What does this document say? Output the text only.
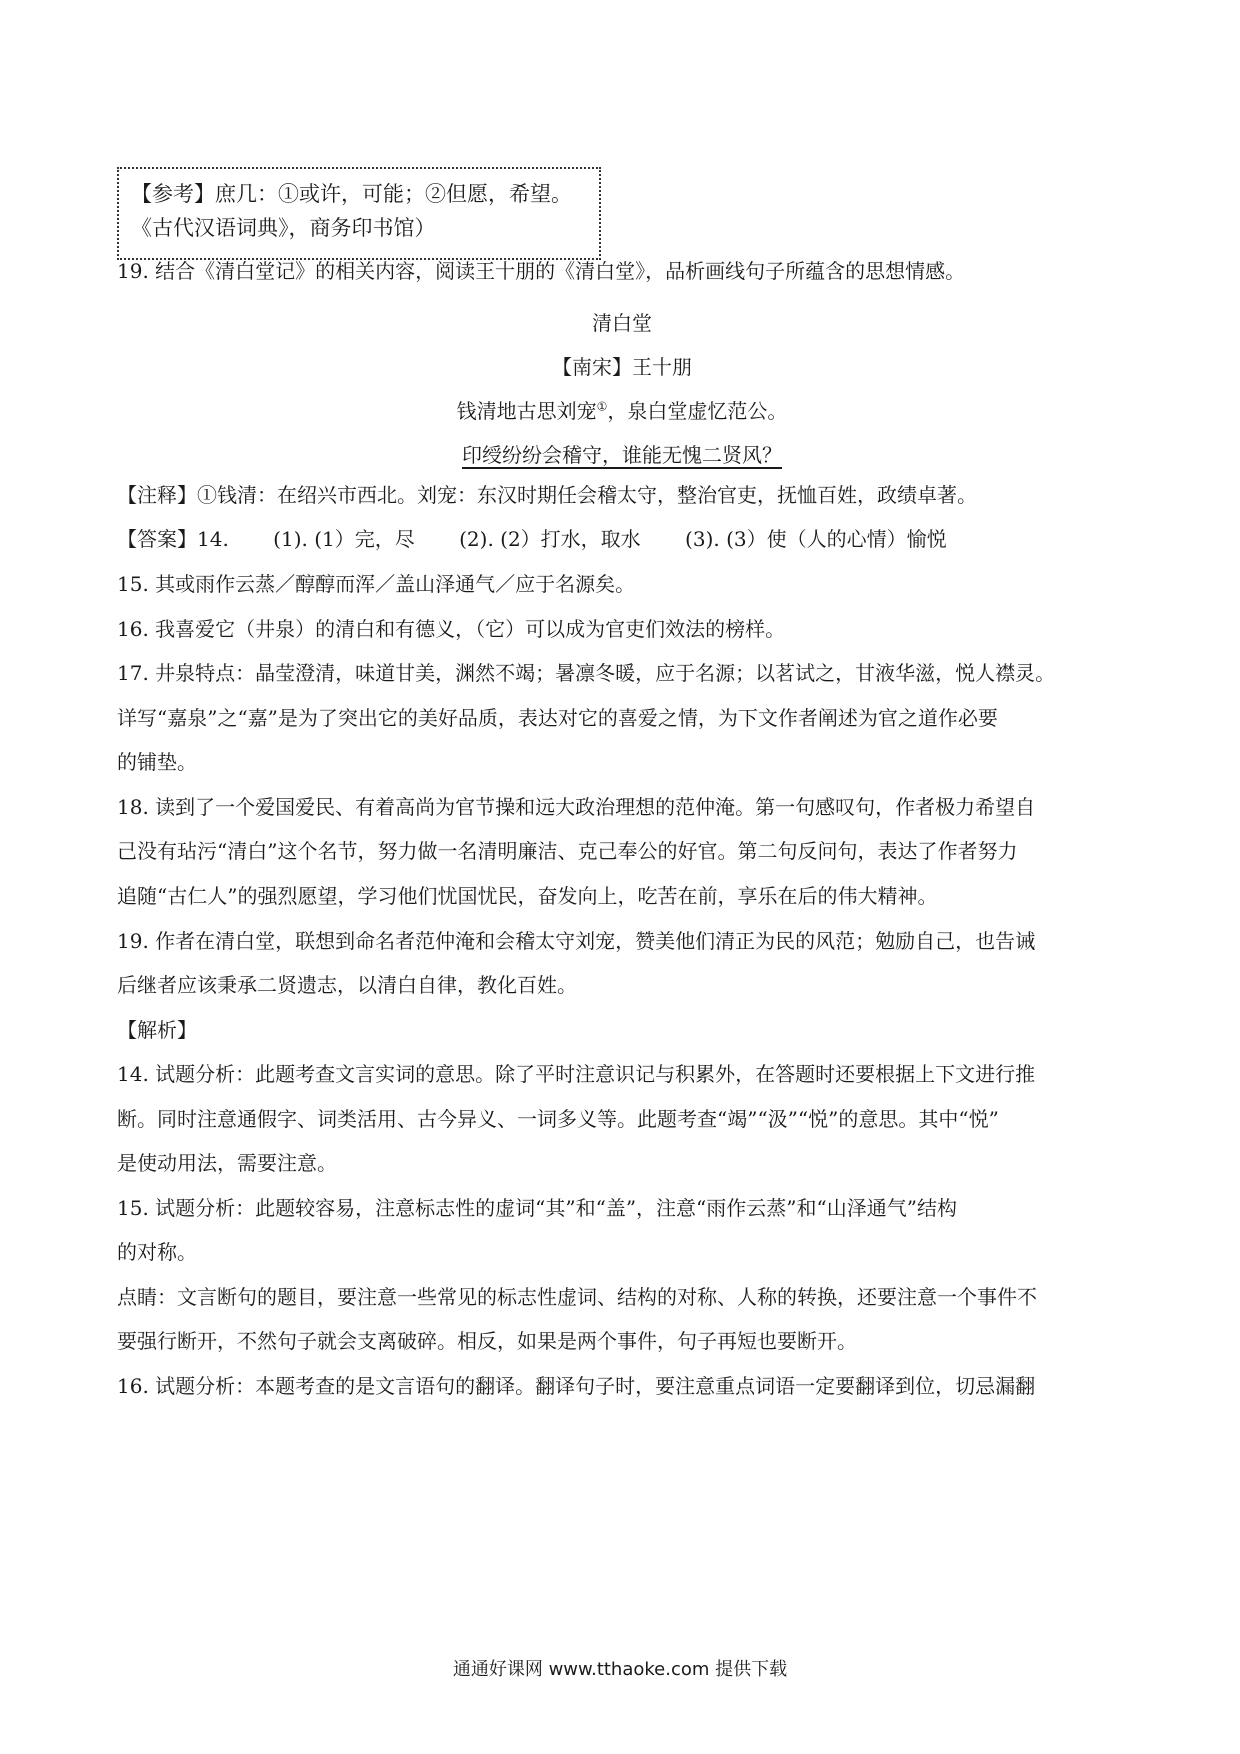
【参考】庶几：①或许，可能；②但愿，希望。
《古代汉语词典》，商务印书馆）
19. 结合《清白堂记》的相关内容，阅读王十朋的《清白堂》，品析画线句子所蕴含的思想情感。
清白堂
【南宋】王十朋
钱清地古思刘宠①，泉白堂虚忆范公。
印绶纷纷会稽守，谁能无愧二贤风？
【注释】①钱清：在绍兴市西北。刘宠：东汉时期任会稽太守，整治官吏，抚恤百姓，政绩卓著。
【答案】14. (1). (1）完，尽 (2). (2）打水，取水 (3). (3）使（人的心情）愉悦
15. 其或雨作云蒸／醇醇而浑／盖山泽通气／应于名源矣。
16. 我喜爱它（井泉）的清白和有德义，（它）可以成为官吏们效法的榜样。
17. 井泉特点：晶莹澄清，味道甘美，渊然不竭；暑凛冬暖，应于名源；以茗试之，甘液华滋，悦人襟灵。
详写“嘉泉”之“嘉”是为了突出它的美好品质，表达对它的喜爱之情，为下文作者阐述为官之道作必要
的铺垫。
18. 读到了一个爱国爱民、有着高尚为官节操和远大政治理想的范仲淹。第一句感叹句，作者极力希望自
己没有玷污“清白”这个名节，努力做一名清明廉洁、克己奉公的好官。第二句反问句，表达了作者努力
追随“古仁人”的强烈愿望，学习他们忧国忧民，奋发向上，吃苦在前，享乐在后的伟大精神。
19. 作者在清白堂，联想到命名者范仲淹和会稽太守刘宠，赞美他们清正为民的风范；勉励自己，也告诫
后继者应该秉承二贤遗志，以清白自律，教化百姓。
【解析】
14. 试题分析：此题考查文言实词的意思。除了平时注意识记与积累外，在答题时还要根据上下文进行推
断。同时注意通假字、词类活用、古今异义、一词多义等。此题考查“竭”“汲”“悦”的意思。其中“悦”
是使动用法，需要注意。
15. 试题分析：此题较容易，注意标志性的虚词“其”和“盖”，注意“雨作云蒸”和“山泽通气”结构
的对称。
点睛：文言断句的题目，要注意一些常见的标志性虚词、结构的对称、人称的转换，还要注意一个事件不
要强行断开，不然句子就会支离破碎。相反，如果是两个事件，句子再短也要断开。
16. 试题分析：本题考查的是文言语句的翻译。翻译句子时，要注意重点词语一定要翻译到位，切忌漏翻
通通好课网 www.tthaoke.com 提供下载
